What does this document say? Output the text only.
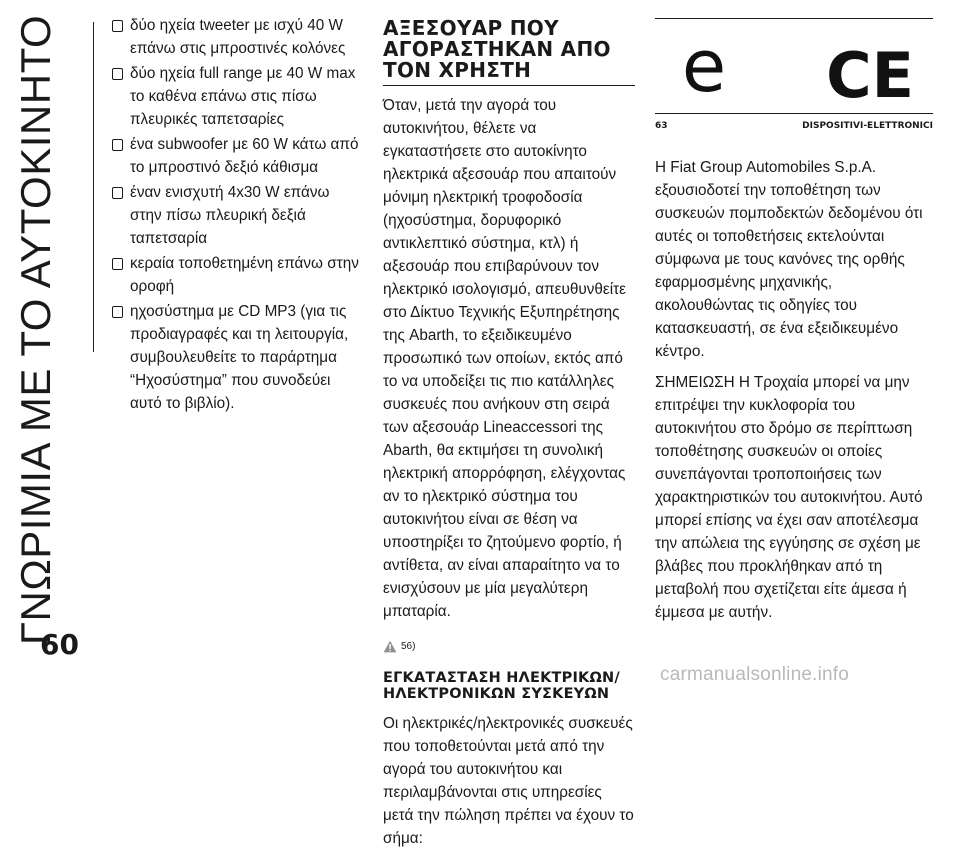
ΓΝΩΡΙΜΙΑ ΜΕ ΤΟ ΑΥΤΟΚΙΝΗΤΟ
60
δύο ηχεία tweeter με ισχύ 40 W επάνω στις μπροστινές κολόνες
δύο ηχεία full range με 40 W max το καθένα επάνω στις πίσω πλευρικές ταπετσαρίες
ένα subwoofer με 60 W κάτω από το μπροστινό δεξιό κάθισμα
έναν ενισχυτή 4x30 W επάνω στην πίσω πλευρική δεξιά ταπετσαρία
κεραία τοποθετημένη επάνω στην οροφή
ηχοσύστημα με CD MP3 (για τις προδιαγραφές και τη λειτουργία, συμβουλευθείτε το παράρτημα “Ηχοσύστημα” που συνοδεύει αυτό το βιβλίο).
ΑΞΕΣΟΥΑΡ ΠΟΥ ΑΓΟΡΑΣΤΗΚΑΝ ΑΠΟ ΤΟΝ ΧΡΗΣΤΗ

Όταν, μετά την αγορά του αυτοκινήτου, θέλετε να εγκαταστήσετε στο αυτοκίνητο ηλεκτρικά αξεσουάρ που απαιτούν μόνιμη ηλεκτρική τροφοδοσία (ηχοσύστημα, δορυφορικό αντικλεπτικό σύστημα, κτλ) ή αξεσουάρ που επιβαρύνουν τον ηλεκτρικό ισολογισμό, απευθυνθείτε στο Δίκτυο Τεχνικής Εξυπηρέτησης της Abarth, το εξειδικευμένο προσωπικό των οποίων, εκτός από το να υποδείξει τις πιο κατάλληλες συσκευές που ανήκουν στη σειρά των αξεσουάρ Lineaccessori της Abarth, θα εκτιμήσει τη συνολική ηλεκτρική απορρόφηση, ελέγχοντας αν το ηλεκτρικό σύστημα του αυτοκινήτου είναι σε θέση να υποστηρίξει το ζητούμενο φορτίο, ή αντίθετα, αν είναι απαραίτητο να το ενισχύσουν με μία μεγαλύτερη μπαταρία.

56)
ΕΓΚΑΤΑΣΤΑΣΗ ΗΛΕΚΤΡΙΚΩΝ/ΗΛΕΚΤΡΟΝΙΚΩΝ ΣΥΣΚΕΥΩΝ

Οι ηλεκτρικές/ηλεκτρονικές συσκευές που τοποθετούνται μετά από την αγορά του αυτοκινήτου και περιλαμβάνονται στις υπηρεσίες μετά την πώληση πρέπει να έχουν το σήμα:

e CE
63	DISPOSITIVI-ELETTRONICI

Η Fiat Group Automobiles S.p.A. εξουσιοδοτεί την τοποθέτηση των συσκευών πομποδεκτών δεδομένου ότι αυτές οι τοποθετήσεις εκτελούνται σύμφωνα με τους κανόνες της ορθής εφαρμοσμένης μηχανικής, ακολουθώντας τις οδηγίες του κατασκευαστή, σε ένα εξειδικευμένο κέντρο.

ΣΗΜΕΙΩΣΗ Η Τροχαία μπορεί να μην επιτρέψει την κυκλοφορία του αυτοκινήτου στο δρόμο σε περίπτωση τοποθέτησης συσκευών οι οποίες συνεπάγονται τροποποιήσεις των χαρακτηριστικών του αυτοκινήτου. Αυτό μπορεί επίσης να έχει σαν αποτέλεσμα την απώλεια της εγγύησης σε σχέση με βλάβες που προκλήθηκαν από τη μεταβολή που σχετίζεται είτε άμεσα ή έμμεσα με αυτήν.

carmanualsonline.info
